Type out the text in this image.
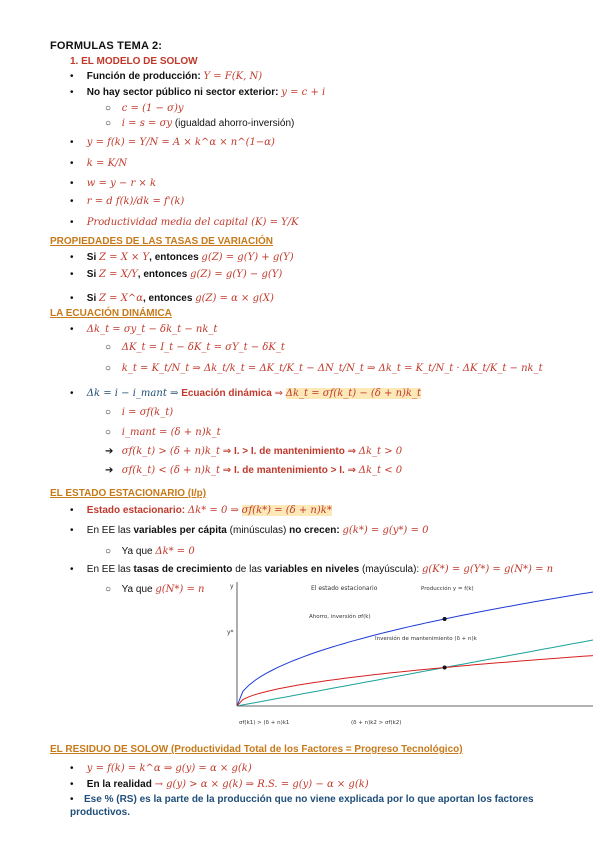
FORMULAS TEMA 2:
1. EL MODELO DE SOLOW
• Función de producción: Y = F(K, N)
• No hay sector público ni sector exterior: y = c + i
○ c = (1 − σ)y
○ i = s = σy (igualdad ahorro-inversión)
• y = f(k) = Y/N = A × k^α × n^(1−α)
• k = K/N
• w = y − r × k
• r = d f(k)/dk = f'(k)
• Productividad media del capital (K) = Y/K
PROPIEDADES DE LAS TASAS DE VARIACIÓN
• Si Z = X × Y, entonces g(Z) = g(Y) + g(Y)
• Si Z = X/Y, entonces g(Z) = g(Y) − g(Y)
• Si Z = X^α, entonces g(Z) = α × g(X)
LA ECUACIÓN DINÁMICA
• Δk_t = σy_t − δk_t − nk_t
○ ΔK_t = I_t − δK_t = σY_t − δK_t
○ k_t = K_t/N_t ⇒ Δk_t/k_t = ΔK_t/K_t − ΔN_t/N_t ⇒ Δk_t = K_t/N_t · ΔK_t/K_t − nk_t
• Δk = i − i_mant ⇒ Ecuación dinámica ⇒ Δk_t = σf(k_t) − (δ + n)k_t
○ i = σf(k_t)
○ i_mant = (δ + n)k_t
➔ σf(k_t) > (δ + n)k_t ⇒ I. > I. de mantenimiento ⇒ Δk_t > 0
➔ σf(k_t) < (δ + n)k_t ⇒ I. de mantenimiento > I. ⇒ Δk_t < 0
EL ESTADO ESTACIONARIO (I/p)
• Estado estacionario: Δk* = 0 ⇒ σf(k*) = (δ + n)k*
• En EE las variables per cápita (minúsculas) no crecen: g(k*) = g(y*) = 0
○ Ya que Δk* = 0
• En EE las tasas de crecimiento de las variables en niveles (mayúscula): g(K*) = g(Y*) = g(N*) = n
○ Ya que g(N*) = n	y
y*
El estado estacionario	Producción y = f(k)
Ahorro, inversión σf(k)
Inversión de mantenimiento (δ + n)k
σf(k1) > (δ + n)k1	(δ + n)k2 > σf(k2)
EL RESIDUO DE SOLOW (Productividad Total de los Factores = Progreso Tecnológico)
• y = f(k) = k^α ⇒ g(y) = α × g(k)
• En la realidad → g(y) > α × g(k) ⇒ R.S. = g(y) − α × g(k)
• Ese % (RS) es la parte de la producción que no viene explicada por lo que aportan los factores productivos.
